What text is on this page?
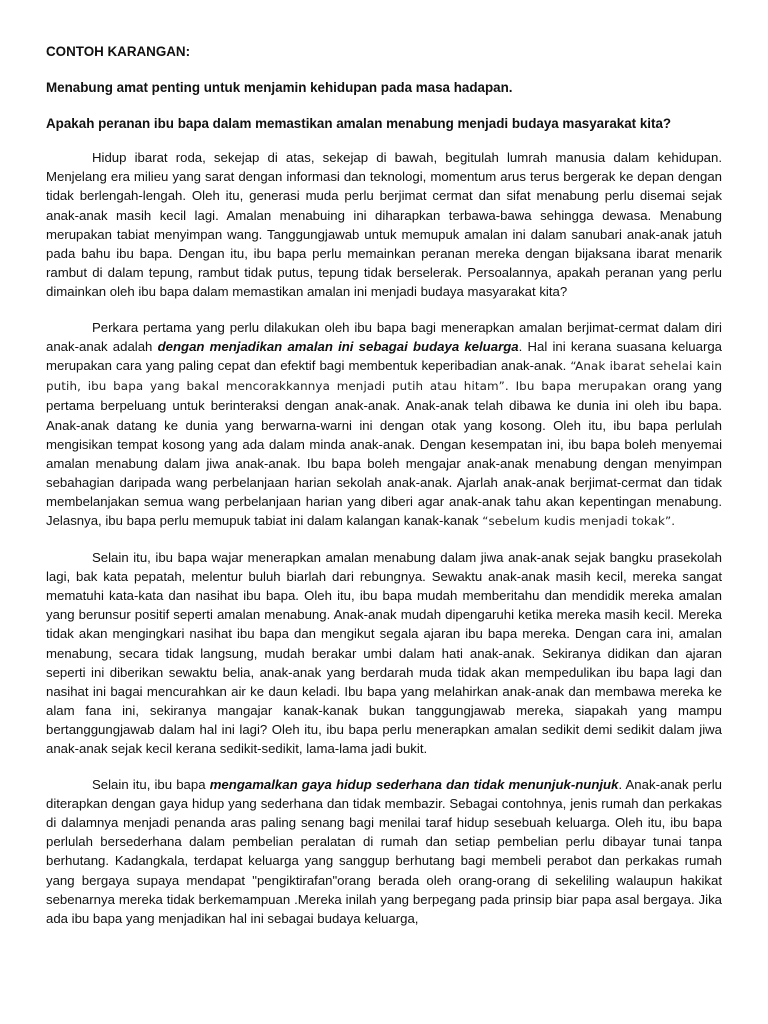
CONTOH KARANGAN:
Menabung amat penting untuk menjamin kehidupan pada masa hadapan.
Apakah peranan ibu bapa dalam memastikan amalan menabung menjadi budaya masyarakat kita?

Hidup ibarat roda, sekejap di atas, sekejap di bawah, begitulah lumrah manusia dalam kehidupan. Menjelang era milieu yang sarat dengan informasi dan teknologi, momentum arus terus bergerak ke depan dengan tidak berlengah-lengah. Oleh itu, generasi muda perlu berjimat cermat dan sifat menabung perlu disemai sejak anak-anak masih kecil lagi. Amalan menabuing ini diharapkan terbawa-bawa sehingga dewasa. Menabung merupakan tabiat menyimpan wang. Tanggungjawab untuk memupuk amalan ini dalam sanubari anak-anak jatuh pada bahu ibu bapa. Dengan itu, ibu bapa perlu memainkan peranan mereka dengan bijaksana ibarat menarik rambut di dalam tepung, rambut tidak putus, tepung tidak berselerak. Persoalannya, apakah peranan yang perlu dimainkan oleh ibu bapa dalam memastikan amalan ini menjadi budaya masyarakat kita?

Perkara pertama yang perlu dilakukan oleh ibu bapa bagi menerapkan amalan berjimat-cermat dalam diri anak-anak adalah dengan menjadikan amalan ini sebagai budaya keluarga. Hal ini kerana suasana keluarga merupakan cara yang paling cepat dan efektif bagi membentuk keperibadian anak-anak. “Anak ibarat sehelai kain putih, ibu bapa yang bakal mencorakkannya menjadi putih atau hitam”. Ibu bapa merupakan orang yang pertama berpeluang untuk berinteraksi dengan anak-anak. Anak-anak telah dibawa ke dunia ini oleh ibu bapa. Anak-anak datang ke dunia yang berwarna-warni ini dengan otak yang kosong. Oleh itu, ibu bapa perlulah mengisikan tempat kosong yang ada dalam minda anak-anak. Dengan kesempatan ini, ibu bapa boleh menyemai amalan menabung dalam jiwa anak-anak. Ibu bapa boleh mengajar anak-anak menabung dengan menyimpan sebahagian daripada wang perbelanjaan harian sekolah anak-anak. Ajarlah anak-anak berjimat-cermat dan tidak membelanjakan semua wang perbelanjaan harian yang diberi agar anak-anak tahu akan kepentingan menabung. Jelasnya, ibu bapa perlu memupuk tabiat ini dalam kalangan kanak-kanak “sebelum kudis menjadi tokak”.

Selain itu, ibu bapa wajar menerapkan amalan menabung dalam jiwa anak-anak sejak bangku prasekolah lagi, bak kata pepatah, melentur buluh biarlah dari rebungnya. Sewaktu anak-anak masih kecil, mereka sangat mematuhi kata-kata dan nasihat ibu bapa. Oleh itu, ibu bapa mudah memberitahu dan mendidik mereka amalan yang berunsur positif seperti amalan menabung. Anak-anak mudah dipengaruhi ketika mereka masih kecil. Mereka tidak akan mengingkari nasihat ibu bapa dan mengikut segala ajaran ibu bapa mereka. Dengan cara ini, amalan menabung, secara tidak langsung, mudah berakar umbi dalam hati anak-anak. Sekiranya didikan dan ajaran seperti ini diberikan sewaktu belia, anak-anak yang berdarah muda tidak akan mempedulikan ibu bapa lagi dan nasihat ini bagai mencurahkan air ke daun keladi. Ibu bapa yang melahirkan anak-anak dan membawa mereka ke alam fana ini, sekiranya mangajar kanak-kanak bukan tanggungjawab mereka, siapakah yang mampu bertanggungjawab dalam hal ini lagi? Oleh itu, ibu bapa perlu menerapkan amalan sedikit demi sedikit dalam jiwa anak-anak sejak kecil kerana sedikit-sedikit, lama-lama jadi bukit.

Selain itu, ibu bapa mengamalkan gaya hidup sederhana dan tidak menunjuk-nunjuk. Anak-anak perlu diterapkan dengan gaya hidup yang sederhana dan tidak membazir. Sebagai contohnya, jenis rumah dan perkakas di dalamnya menjadi penanda aras paling senang bagi menilai taraf hidup sesebuah keluarga. Oleh itu, ibu bapa perlulah bersederhana dalam pembelian peralatan di rumah dan setiap pembelian perlu dibayar tunai tanpa berhutang. Kadangkala, terdapat keluarga yang sanggup berhutang bagi membeli perabot dan perkakas rumah yang bergaya supaya mendapat "pengiktirafan"orang berada oleh orang-orang di sekeliling walaupun hakikat sebenarnya mereka tidak berkemampuan .Mereka inilah yang berpegang pada prinsip biar papa asal bergaya. Jika ada ibu bapa yang menjadikan hal ini sebagai budaya keluarga,
